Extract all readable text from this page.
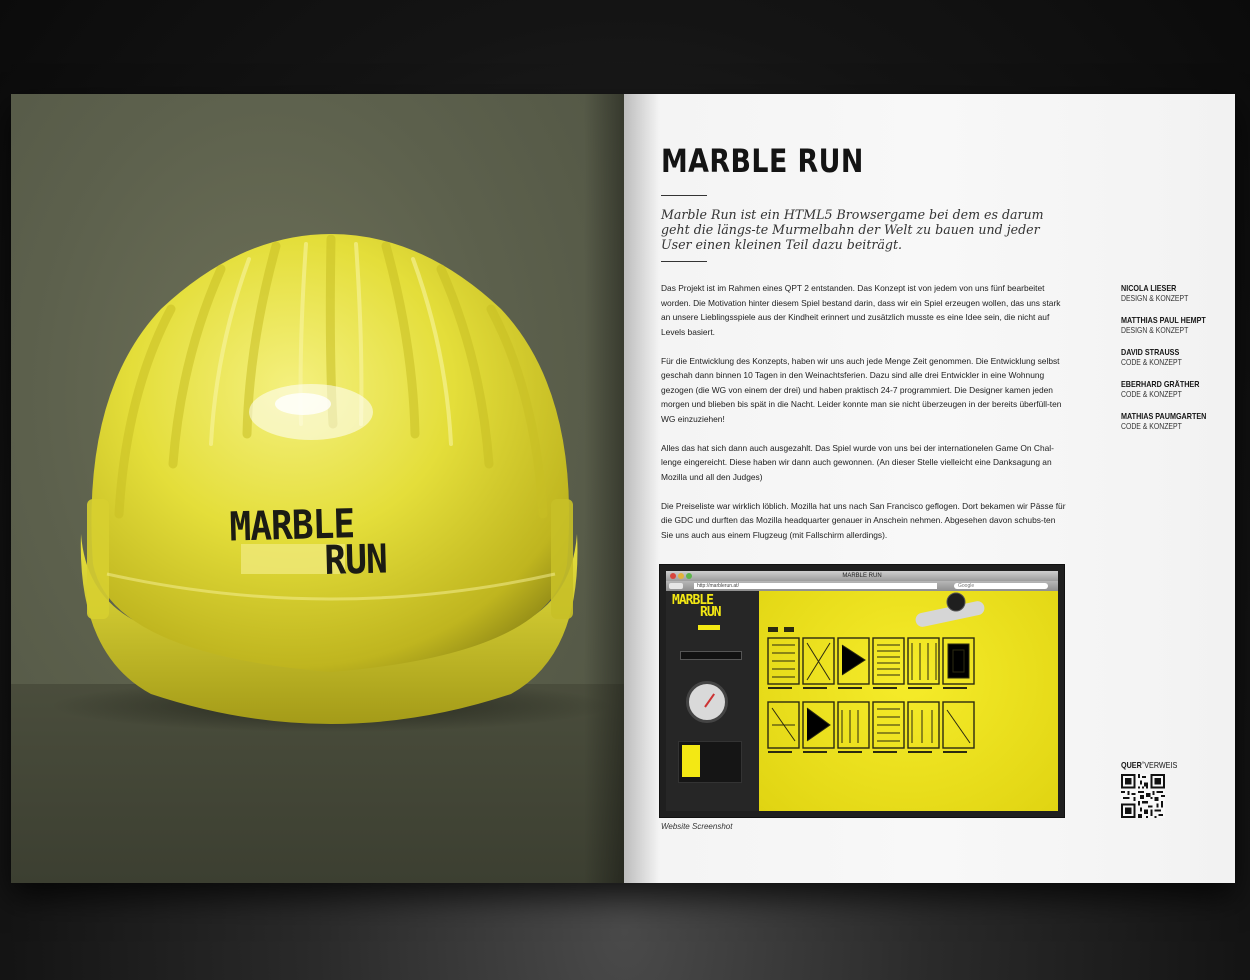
MARBLE
RUN
MARBLE RUN

Marble Run ist ein HTML5 Browsergame bei dem es darum geht die längs-te Murmelbahn der Welt zu bauen und jeder User einen kleinen Teil dazu beiträgt.

Das Projekt ist im Rahmen eines QPT 2 entstanden. Das Konzept ist von jedem von uns fünf bearbeitet worden. Die Motivation hinter diesem Spiel bestand darin, dass wir ein Spiel erzeugen wollen, das uns stark an unsere Lieblingsspiele aus der Kindheit erinnert und zusätzlich musste es eine Idee sein, die nicht auf Levels basiert.

Für die Entwicklung des Konzepts, haben wir uns auch jede Menge Zeit genommen. Die Entwicklung selbst geschah dann binnen 10 Tagen in den Weinachtsferien. Dazu sind alle drei Entwickler in eine Wohnung gezogen (die WG von einem der drei) und haben praktisch 24-7 programmiert. Die Designer kamen jeden morgen und blieben bis spät in die Nacht. Leider konnte man sie nicht überzeugen in der bereits überfüll-ten WG einzuziehen!

Alles das hat sich dann auch ausgezahlt. Das Spiel wurde von uns bei der internationelen Game On Chal-lenge eingereicht. Diese haben wir dann auch gewonnen. (An dieser Stelle vielleicht eine Danksagung an Mozilla und all den Judges)

Die Preiseliste war wirklich löblich. Mozilla hat uns nach San Francisco geflogen. Dort bekamen wir Pässe für die GDC und durften das Mozilla headquarter genauer in Anschein nehmen. Abgesehen davon schubs-ten Sie uns auch aus einem Flugzeug (mit Fallschirm allerdings).

NICOLA LIESER
DESIGN & KONZEPT
MATTHIAS PAUL HEMPT
DESIGN & KONZEPT
DAVID STRAUSS
CODE & KONZEPT
EBERHARD GRÄTHER
CODE & KONZEPT
MATHIAS PAUMGARTEN
CODE & KONZEPT
MARBLE RUN
http://marblerun.at/	Google
MARBLE
RUN
Website Screenshot
QUER»VERWEIS
